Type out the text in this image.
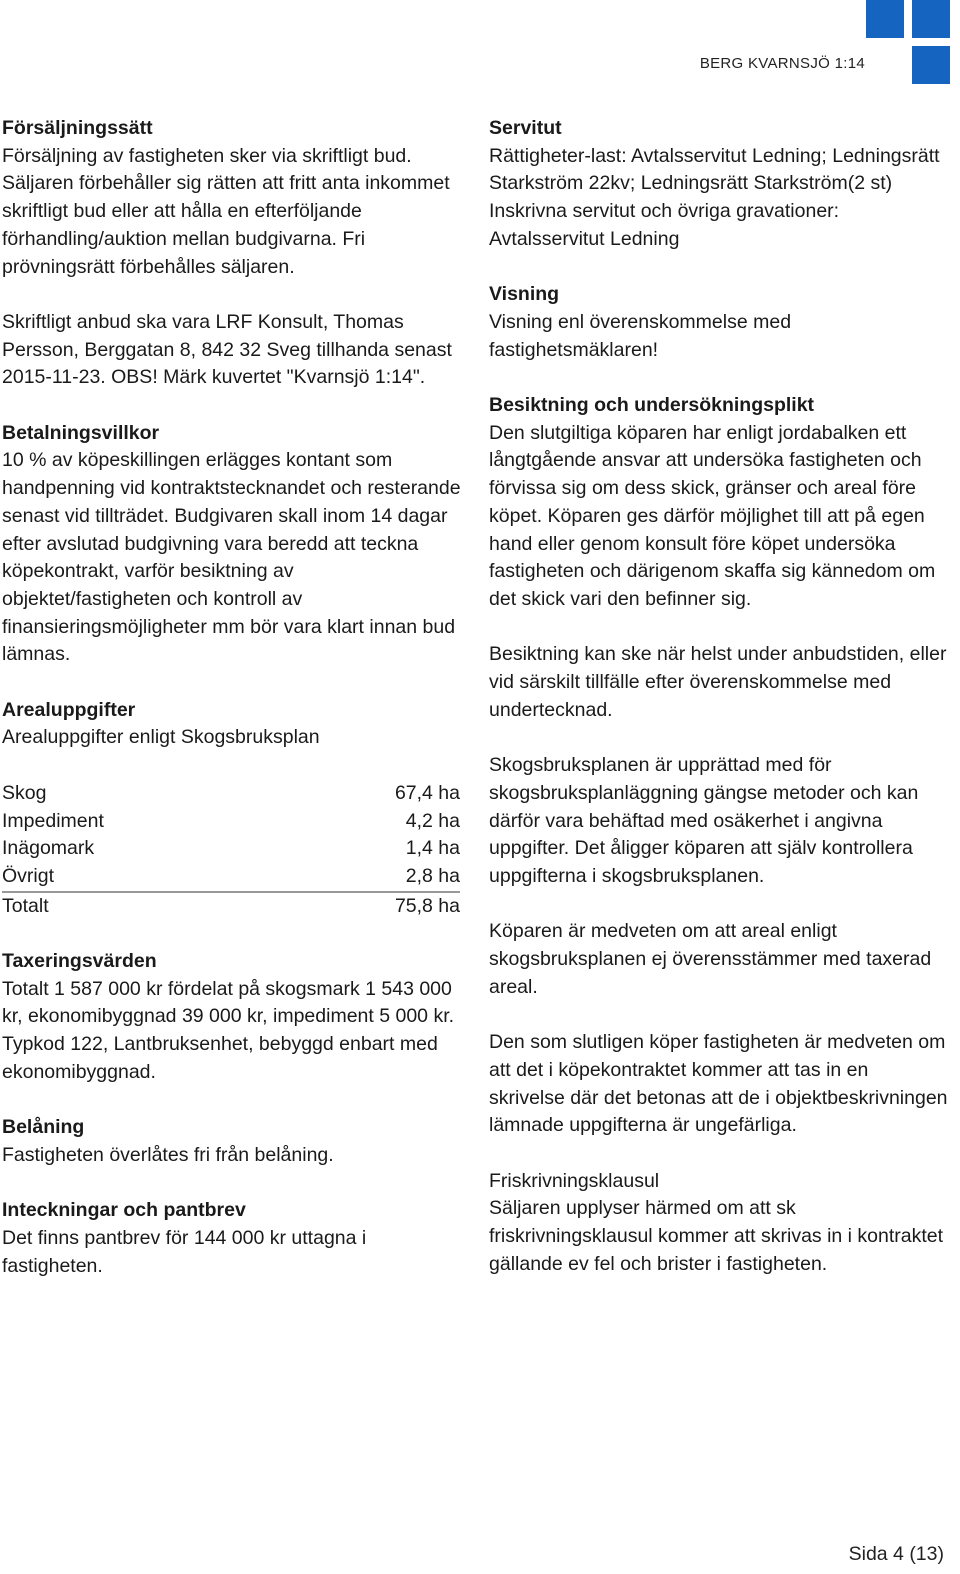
BERG KVARNSJÖ 1:14
Försäljningssätt

Försäljning av fastigheten sker via skriftligt bud. Säljaren förbehåller sig rätten att fritt anta inkommet skriftligt bud eller att hålla en efterföljande förhandling/auktion mellan budgivarna. Fri prövningsrätt förbehålles säljaren.

Skriftligt anbud ska vara LRF Konsult, Thomas Persson, Berggatan 8, 842 32 Sveg tillhanda senast 2015-11-23. OBS! Märk kuvertet "Kvarnsjö 1:14".

Betalningsvillkor

10 % av köpeskillingen erlägges kontant som handpenning vid kontraktstecknandet och resterande senast vid tillträdet. Budgivaren skall inom 14 dagar efter avslutad budgivning vara beredd att teckna köpekontrakt, varför besiktning av objektet/fastigheten och kontroll av finansieringsmöjligheter mm bör vara klart innan bud lämnas.

Arealuppgifter

Arealuppgifter enligt Skogsbruksplan

Skog	67,4 ha
Impediment	4,2 ha
Inägomark	1,4 ha
Övrigt	2,8 ha
Totalt	75,8 ha
Taxeringsvärden

Totalt 1 587 000 kr fördelat på skogsmark 1 543 000 kr, ekonomibyggnad 39 000 kr, impediment 5 000 kr. Typkod 122, Lantbruksenhet, bebyggd enbart med ekonomibyggnad.

Belåning

Fastigheten överlåtes fri från belåning.

Inteckningar och pantbrev

Det finns pantbrev för 144 000 kr uttagna i fastigheten.

Servitut
Rättigheter-last: Avtalsservitut Ledning; Ledningsrätt Starkström 22kv; Ledningsrätt Starkström(2 st)
Inskrivna servitut och övriga gravationer: Avtalsservitut Ledning
Visning

Visning enl överenskommelse med fastighetsmäklaren!

Besiktning och undersökningsplikt

Den slutgiltiga köparen har enligt jordabalken ett långtgående ansvar att undersöka fastigheten och förvissa sig om dess skick, gränser och areal före köpet. Köparen ges därför möjlighet till att på egen hand eller genom konsult före köpet undersöka fastigheten och därigenom skaffa sig kännedom om det skick vari den befinner sig.

Besiktning kan ske när helst under anbudstiden, eller vid särskilt tillfälle efter överenskommelse med undertecknad.

Skogsbruksplanen är upprättad med för skogsbruksplanläggning gängse metoder och kan därför vara behäftad med osäkerhet i angivna uppgifter. Det åligger köparen att själv kontrollera uppgifterna i skogsbruksplanen.

Köparen är medveten om att areal enligt skogsbruksplanen ej överensstämmer med taxerad areal.

Den som slutligen köper fastigheten är medveten om att det i köpekontraktet kommer att tas in en skrivelse där det betonas att de i objektbeskrivningen lämnade uppgifterna är ungefärliga.

Friskrivningsklausul

Säljaren upplyser härmed om att sk friskrivningsklausul kommer att skrivas in i kontraktet gällande ev fel och brister i fastigheten.

Sida 4 (13)
